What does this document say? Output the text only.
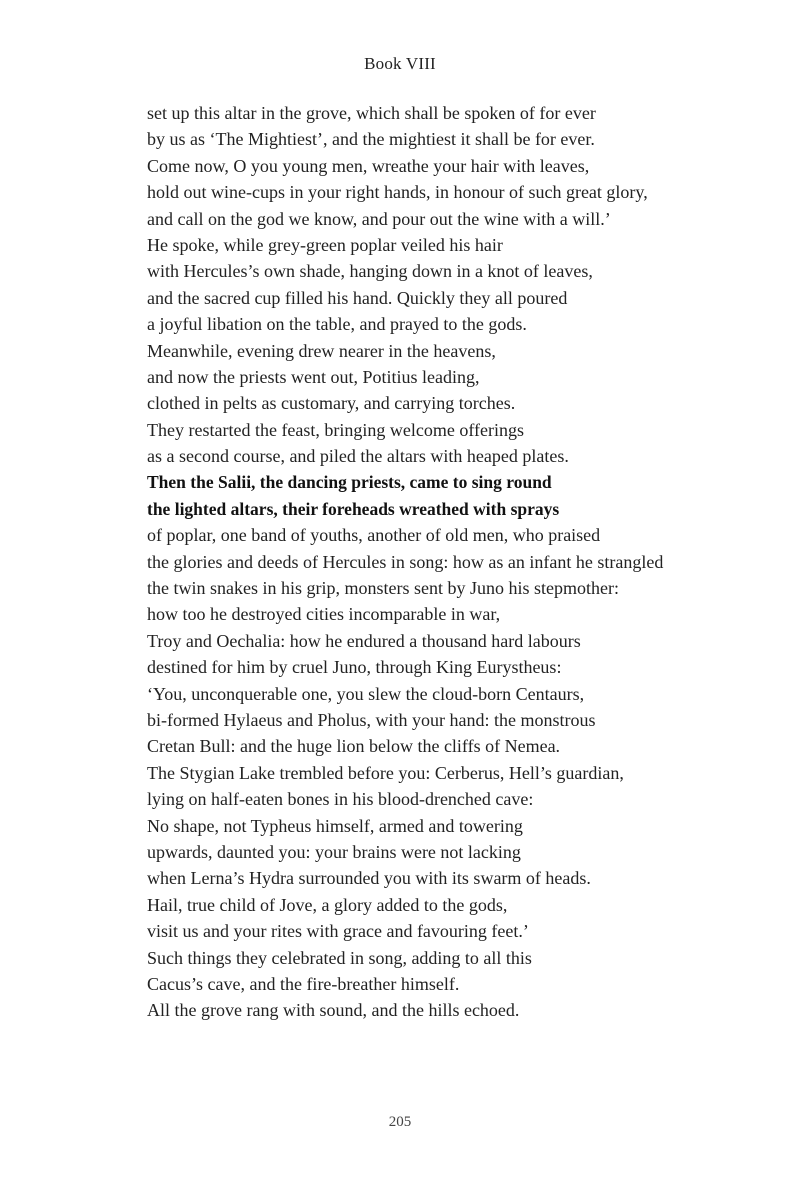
Book VIII
set up this altar in the grove, which shall be spoken of for ever
by us as ‘The Mightiest’, and the mightiest it shall be for ever.
Come now, O you young men, wreathe your hair with leaves,
hold out wine-cups in your right hands, in honour of such great glory,
and call on the god we know, and pour out the wine with a will.’
He spoke, while grey-green poplar veiled his hair
with Hercules’s own shade, hanging down in a knot of leaves,
and the sacred cup filled his hand. Quickly they all poured
a joyful libation on the table, and prayed to the gods.
Meanwhile, evening drew nearer in the heavens,
and now the priests went out, Potitius leading,
clothed in pelts as customary, and carrying torches.
They restarted the feast, bringing welcome offerings
as a second course, and piled the altars with heaped plates.
Then the Salii, the dancing priests, came to sing round
the lighted altars, their foreheads wreathed with sprays
of poplar, one band of youths, another of old men, who praised
the glories and deeds of Hercules in song: how as an infant he strangled
the twin snakes in his grip, monsters sent by Juno his stepmother:
how too he destroyed cities incomparable in war,
Troy and Oechalia: how he endured a thousand hard labours
destined for him by cruel Juno, through King Eurystheus:
‘You, unconquerable one, you slew the cloud-born Centaurs,
bi-formed Hylaeus and Pholus, with your hand: the monstrous
Cretan Bull: and the huge lion below the cliffs of Nemea.
The Stygian Lake trembled before you: Cerberus, Hell’s guardian,
lying on half-eaten bones in his blood-drenched cave:
No shape, not Typheus himself, armed and towering
upwards, daunted you: your brains were not lacking
when Lerna’s Hydra surrounded you with its swarm of heads.
Hail, true child of Jove, a glory added to the gods,
visit us and your rites with grace and favouring feet.’
Such things they celebrated in song, adding to all this
Cacus’s cave, and the fire-breather himself.
All the grove rang with sound, and the hills echoed.
205
